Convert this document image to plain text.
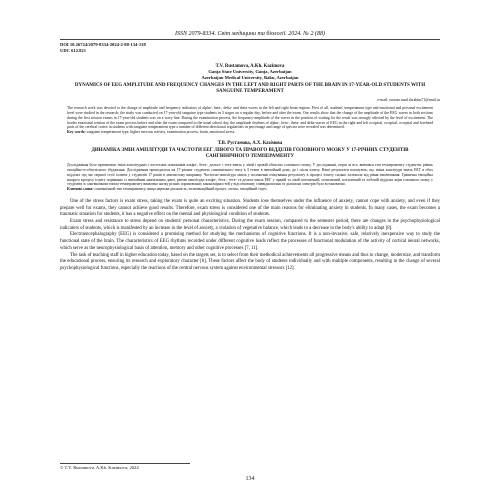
ISSN 2079-8334. Світ медицини та біології. 2024. № 2 (88)
DOI 10.26724/2079-8334-2024-2-88-134-138
UDC 612.821
T.V. Rustamova, A.Kh. Kazimova
Ganja State University, Ganja, Azerbaijan
Azerbaijan Medical University, Baku, Azerbaijan
DYNAMICS OF EEG AMPLITUDE AND FREQUENCY CHANGES IN THE LEFT AND RIGHT PARTS OF THE BRAIN IN 17-YEAR-OLD STUDENTS WITH SANGUINE TEMPERAMENT
e-mail: rustam.rasul.ibrahim71@mail.ru
The research work was devoted to the change of amplitude and frequency indicators of alpha-, beta-, delta- and theta waves in the left and right brain regions. First of all, students' temperament type and emotional and personal excitement level were studied in the research; the study was conducted on 17-year-old sanguine type students in 3 stages on a regular day, before and after the exam. Our results show that the change of the amplitude of the EEG waves in both sections during the first session exams in 17-year-old students was on a wavy line. During the examination process, the frequency-amplitude of the waves in the position of waiting for the result was strongly affected by the level of excitement. The border emotional tension of the exam process before and after the exam compared to the usual school day, the amplitude rhythms of alpha-, beta-, theta- and delta-waves of EEG in the right and left occipital, occipital, occipital and forehead parts of the cerebral cortex in students with sanguine temperament type a number of different directional regularities in percentage and range of spectra were revealed was determined.
Key words: sanguine temperament type, higher nervous activity, examination process, brain, emotional stress.
Т.В. Рустамова, А.Х. Казімова
ДИНАМІКА ЗМІН АМПЛІТУДИ ТА ЧАСТОТИ ЕЕГ ЛІВОГО ТА ПРАВОГО ВІДДІЛІВ ГОЛОВНОГО МОЗКУ У 17-РІЧНИХ СТУДЕНТІВ САНГВІНІЧНОГО ТЕМПЕРАМЕНТУ
Дослідження було присвячено зміні амплітудних і частотних показників альфа-, бета-, дельта- і тета-хвиль у лівій і правій областях головного мозку. У дослідженні, перш за все, вивчався тип темпераменту студентів, рівень емоційно-особистісного збудження. Дослідження проводилося на 17-річних студентах сангвінічного типу в 3 етапи в звичайний день, до і після іспиту. Наші результати показують, що зміна амплітуди хвиль ЕЕГ в обох відділах під час першої сесії іспитів у студентів 17 років в хвилястому напрямку. Частотно-амплітуда хвиль у положенні очікування результату в процесі іспиту сильно залежала від рівня хвилювання. Гранична емоційна напруга процесу іспиту порівняно із звичайним навчальним днем, ритми амплітуди альфа-, бета-, тета- та дельта-хвиль ЕЕГ у правій та лівій потиличній, потиличній, потиличній та лобовій відділах кори головного мозку у студентів зі сангвінічним типом темпераменту виявлено низку різних спрямованих закономірностей у відсотковому співвідношенні та діапазоні спектрів було встановлено.
Ключові слова: сангвінічний тип темпераменту, вища нервова діяльність, екзаменаційний процес, мозок, емоційний стрес.

One of the stress factors is exam stress, taking the exam is quite an exciting situation. Students lose themselves under the influence of anxiety, cannot cope with anxiety, and even if they prepare well for exams, they cannot achieve good results. Therefore, exam stress is considered one of the main reasons for eliminating anxiety in students. In many cases, the exam becomes a traumatic situation for students, it has a negative effect on the mental and physiological condition of students.

Exam stress and resistance to stress depend on students' personal characteristics. During the exam session, compared to the semester period, there are changes in the psychophysiological indicators of students, which is manifested by an increase in the level of anxiety, a violation of vegetative balance, which leads to a decrease in the body's ability to adapt [8].

Electroencephalography (EEG) is considered a promising method for studying the mechanisms of cognitive functions. It is a non-invasive, safe, relatively inexpensive way to study the functional state of the brain. The characteristics of EEG rhythms recorded under different cognitive loads reflect the processes of functional modulation of the activity of cortical neural networks, which serve as the neurophysiological basis of attention, memory and other cognitive processes [7, 11].

The task of teaching staff in higher education today, based on the targets set, is to select from their methodical achievements all progressive means and thus to change, modernize, and transform the educational process, ensuring its research and exploratory character [6]. These factors affect the body of students individually and with multiple components, resulting in the change of several psychophysiological functions, especially the reactions of the central nervous system against environmental stressors [12].

© T.V. Rustamova, A.Kh. Kazimova, 2024
134
